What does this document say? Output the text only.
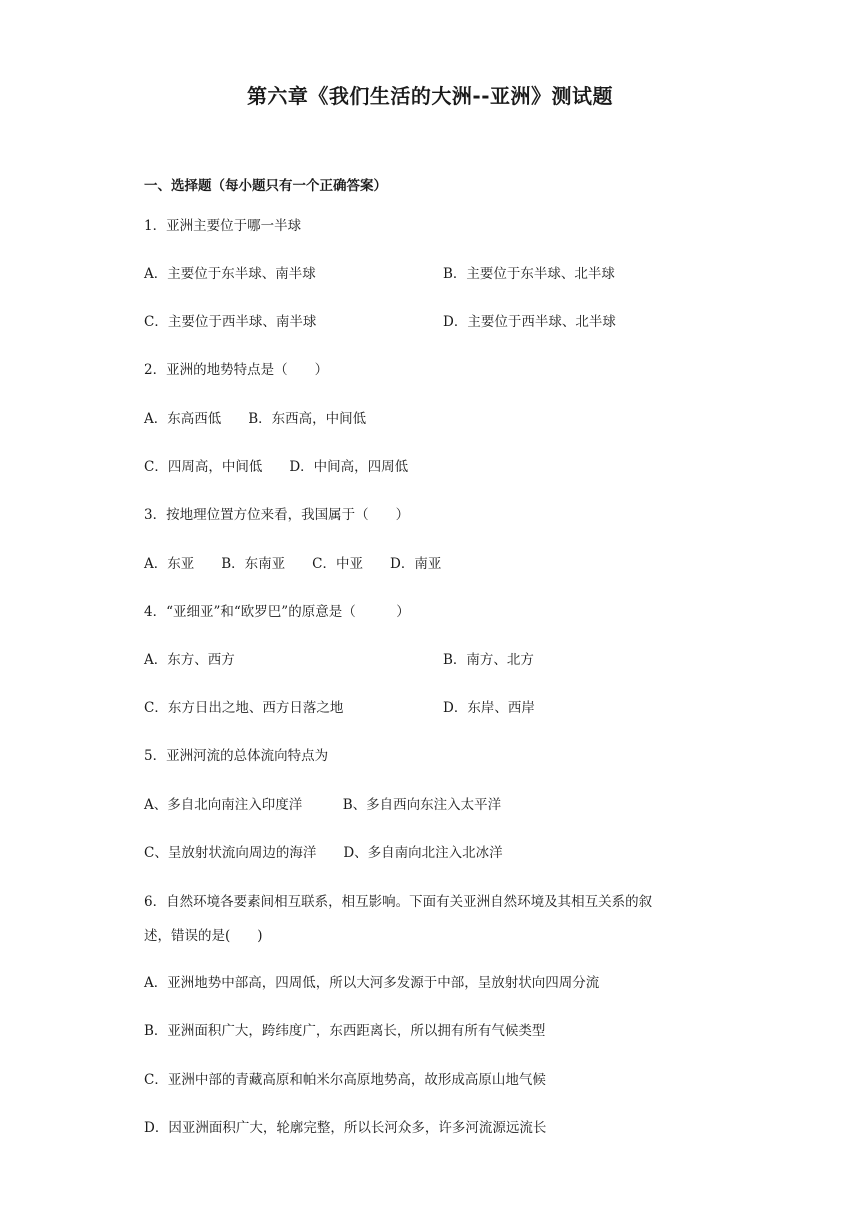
第六章《我们生活的大洲--亚洲》测试题
一、选择题（每小题只有一个正确答案）
1．亚洲主要位于哪一半球
A．主要位于东半球、南半球	B．主要位于东半球、北半球
C．主要位于西半球、南半球	D．主要位于西半球、北半球
2．亚洲的地势特点是（　　）
A．东高西低　　B．东西高，中间低
C．四周高，中间低　　D．中间高，四周低
3．按地理位置方位来看，我国属于（　　）
A．东亚　　B．东南亚　　C．中亚　　D．南亚
4．“亚细亚”和“欧罗巴”的原意是（　　　）
A．东方、西方	B．南方、北方
C．东方日出之地、西方日落之地	D．东岸、西岸
5．亚洲河流的总体流向特点为
A、多自北向南注入印度洋　　　B、多自西向东注入太平洋
C、呈放射状流向周边的海洋　　D、多自南向北注入北冰洋
6．自然环境各要素间相互联系，相互影响。下面有关亚洲自然环境及其相互关系的叙
述，错误的是(　　)
A．亚洲地势中部高，四周低，所以大河多发源于中部，呈放射状向四周分流
B．亚洲面积广大，跨纬度广，东西距离长，所以拥有所有气候类型
C．亚洲中部的青藏高原和帕米尔高原地势高，故形成高原山地气候
D．因亚洲面积广大，轮廓完整，所以长河众多，许多河流源远流长
